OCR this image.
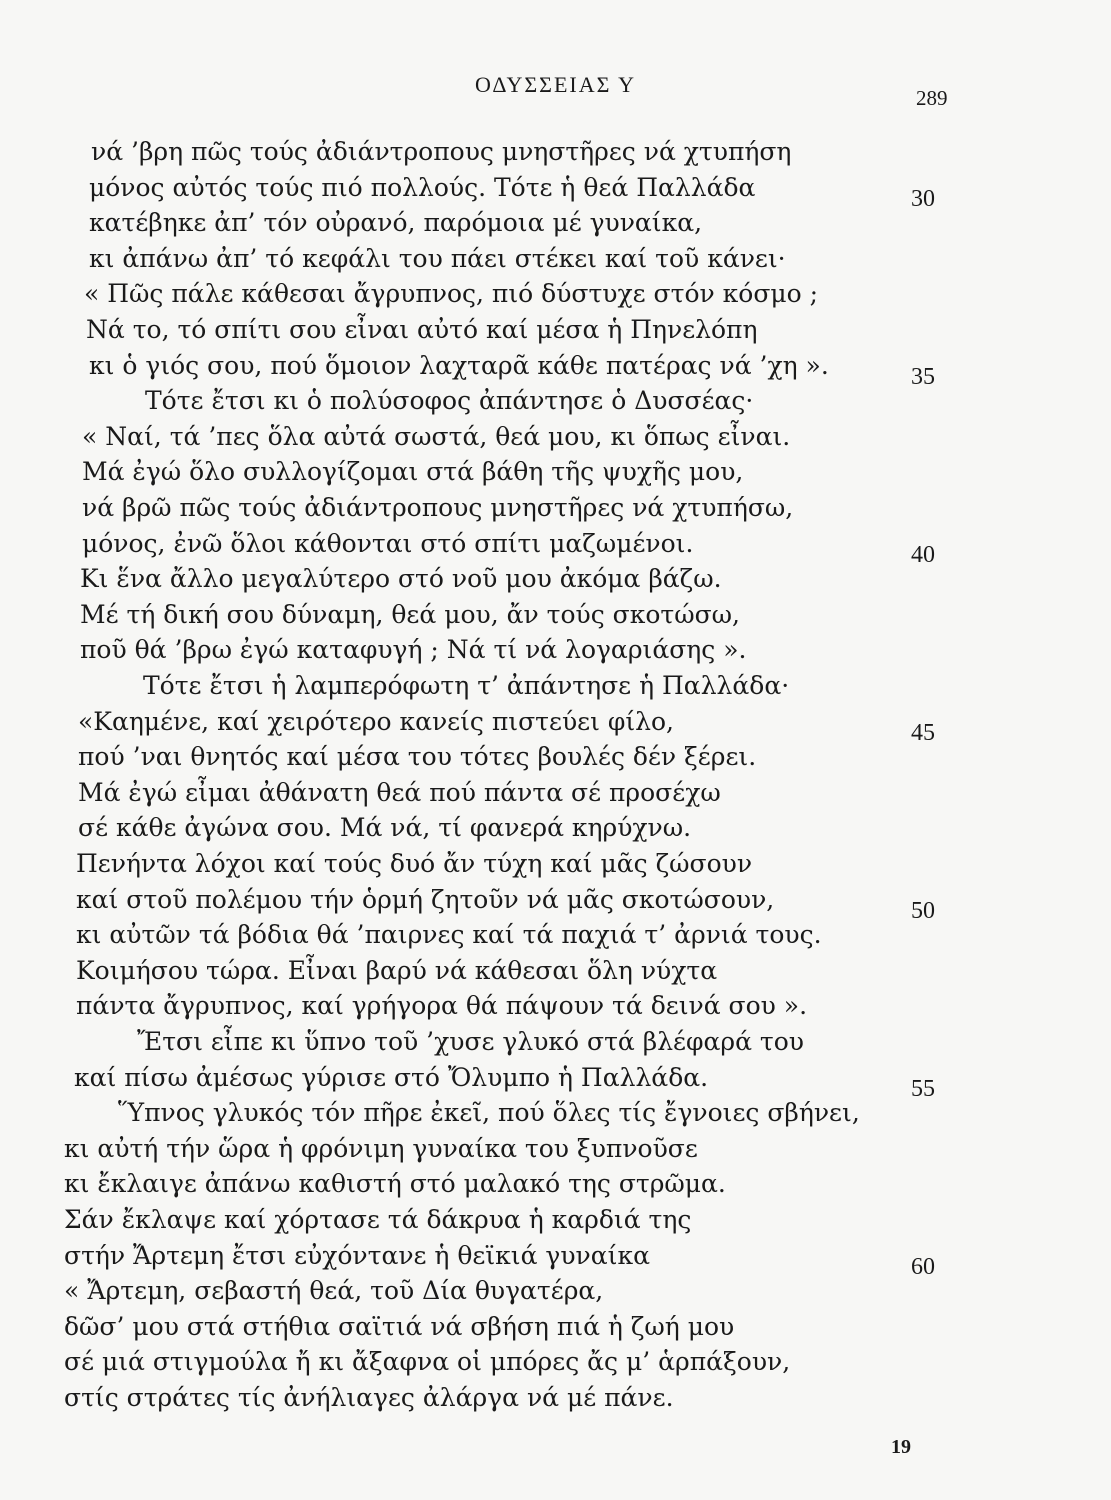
ΟΔΥΣΣΕΙΑΣ Υ
289
νά ’βρη πῶς τούς ἀδιάντροπους μνηστῆρες νά χτυπήση
μόνος αὐτός τούς πιό πολλούς. Τότε ἡ θεά Παλλάδα
κατέβηκε ἀπ’ τόν οὐρανό, παρόμοια μέ γυναίκα,
κι ἀπάνω ἀπ’ τό κεφάλι του πάει στέκει καί τοῦ κάνει·
« Πῶς πάλε κάθεσαι ἄγρυπνος, πιό δύστυχε στόν κόσμο ;
Νά το, τό σπίτι σου εἶναι αὐτό καί μέσα ἡ Πηνελόπη
κι ὁ γιός σου, πού ὅμοιον λαχταρᾶ κάθε πατέρας νά ’χη ».
Τότε ἔτσι κι ὁ πολύσοφος ἀπάντησε ὁ Δυσσέας·
« Ναί, τά ’πες ὅλα αὐτά σωστά, θεά μου, κι ὅπως εἶναι.
Μά ἐγώ ὅλο συλλογίζομαι στά βάθη τῆς ψυχῆς μου,
νά βρῶ πῶς τούς ἀδιάντροπους μνηστῆρες νά χτυπήσω,
μόνος, ἐνῶ ὅλοι κάθονται στό σπίτι μαζωμένοι.
Κι ἕνα ἄλλο μεγαλύτερο στό νοῦ μου ἀκόμα βάζω.
Μέ τή δική σου δύναμη, θεά μου, ἄν τούς σκοτώσω,
ποῦ θά ’βρω ἐγώ καταφυγή ; Νά τί νά λογαριάσης ».
Τότε ἔτσι ἡ λαμπερόφωτη τ’ ἀπάντησε ἡ Παλλάδα·
«Καημένε, καί χειρότερο κανείς πιστεύει φίλο,
πού ’ναι θνητός καί μέσα του τότες βουλές δέν ξέρει.
Μά ἐγώ εἶμαι ἀθάνατη θεά πού πάντα σέ προσέχω
σέ κάθε ἀγώνα σου. Μά νά, τί φανερά κηρύχνω.
Πενήντα λόχοι καί τούς δυό ἄν τύχη καί μᾶς ζώσουν
καί στοῦ πολέμου τήν ὁρμή ζητοῦν νά μᾶς σκοτώσουν,
κι αὐτῶν τά βόδια θά ’παιρνες καί τά παχιά τ’ ἀρνιά τους.
Κοιμήσου τώρα. Εἶναι βαρύ νά κάθεσαι ὅλη νύχτα
πάντα ἄγρυπνος, καί γρήγορα θά πάψουν τά δεινά σου ».
Ἔτσι εἶπε κι ὕπνο τοῦ ’χυσε γλυκό στά βλέφαρά του
καί πίσω ἀμέσως γύρισε στό Ὄλυμπο ἡ Παλλάδα.
Ὕπνος γλυκός τόν πῆρε ἐκεῖ, πού ὅλες τίς ἔγνοιες σβήνει,
κι αὐτή τήν ὥρα ἡ φρόνιμη γυναίκα του ξυπνοῦσε
κι ἔκλαιγε ἀπάνω καθιστή στό μαλακό της στρῶμα.
Σάν ἔκλαψε καί χόρτασε τά δάκρυα ἡ καρδιά της
στήν Ἄρτεμη ἔτσι εὐχόντανε ἡ θεϊκιά γυναίκα
« Ἄρτεμη, σεβαστή θεά, τοῦ Δία θυγατέρα,
δῶσ’ μου στά στήθια σαϊτιά νά σβήση πιά ἡ ζωή μου
σέ μιά στιγμούλα ἤ κι ἄξαφνα οἱ μπόρες ἄς μ’ ἁρπάξουν,
στίς στράτες τίς ἀνήλιαγες ἀλάργα νά μέ πάνε.
30
35
40
45
50
55
60
19
